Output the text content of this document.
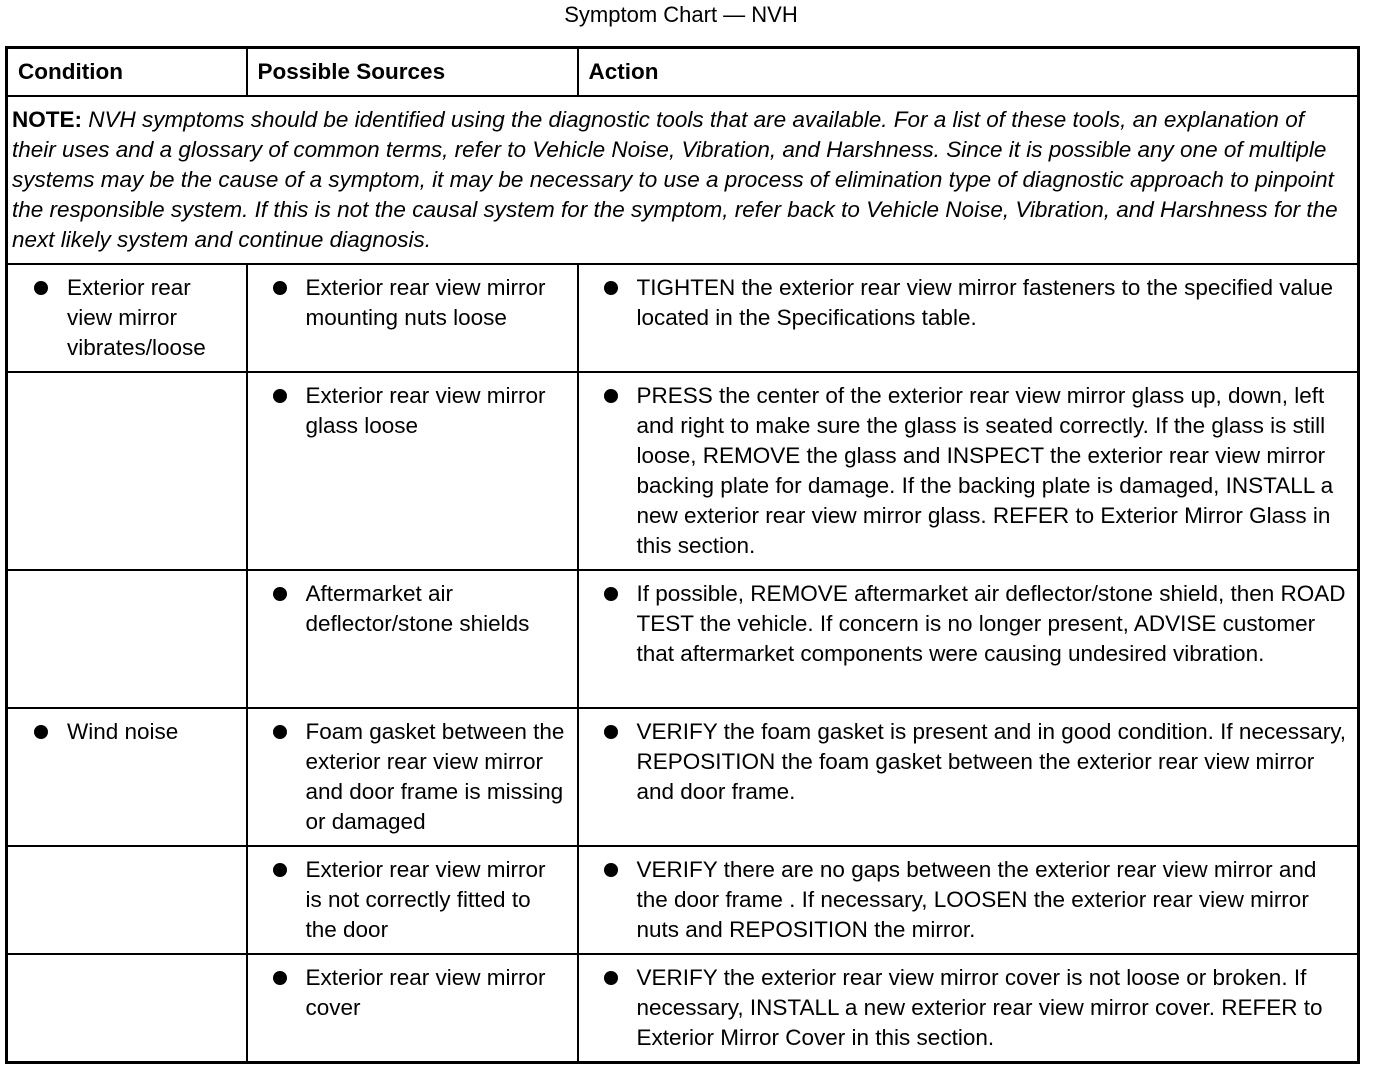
Symptom Chart — NVH
Condition	Possible Sources	Action

NOTE: NVH symptoms should be identified using the diagnostic tools that are available. For a list of these tools, an explanation of their uses and a glossary of common terms, refer to Vehicle Noise, Vibration, and Harshness. Since it is possible any one of multiple systems may be the cause of a symptom, it may be necessary to use a process of elimination type of diagnostic approach to pinpoint the responsible system. If this is not the causal system for the symptom, refer back to Vehicle Noise, Vibration, and Harshness for the next likely system and continue diagnosis.		

Exterior rear view mirror vibrates/loose	Exterior rear view mirror mounting nuts loose	TIGHTEN the exterior rear view mirror fasteners to the specified value located in the Specifications table.

	Exterior rear view mirror glass loose	PRESS the center of the exterior rear view mirror glass up, down, left and right to make sure the glass is seated correctly. If the glass is still loose, REMOVE the glass and INSPECT the exterior rear view mirror backing plate for damage. If the backing plate is damaged, INSTALL a new exterior rear view mirror glass. REFER to Exterior Mirror Glass in this section.

	Aftermarket air deflector/stone shields	If possible, REMOVE aftermarket air deflector/stone shield, then ROAD TEST the vehicle. If concern is no longer present, ADVISE customer that aftermarket components were causing undesired vibration.

Wind noise	Foam gasket between the exterior rear view mirror and door frame is missing or damaged	VERIFY the foam gasket is present and in good condition. If necessary, REPOSITION the foam gasket between the exterior rear view mirror and door frame.

	Exterior rear view mirror is not correctly fitted to the door	VERIFY there are no gaps between the exterior rear view mirror and the door frame . If necessary, LOOSEN the exterior rear view mirror nuts and REPOSITION the mirror.

	Exterior rear view mirror cover	VERIFY the exterior rear view mirror cover is not loose or broken. If necessary, INSTALL a new exterior rear view mirror cover. REFER to Exterior Mirror Cover in this section.
